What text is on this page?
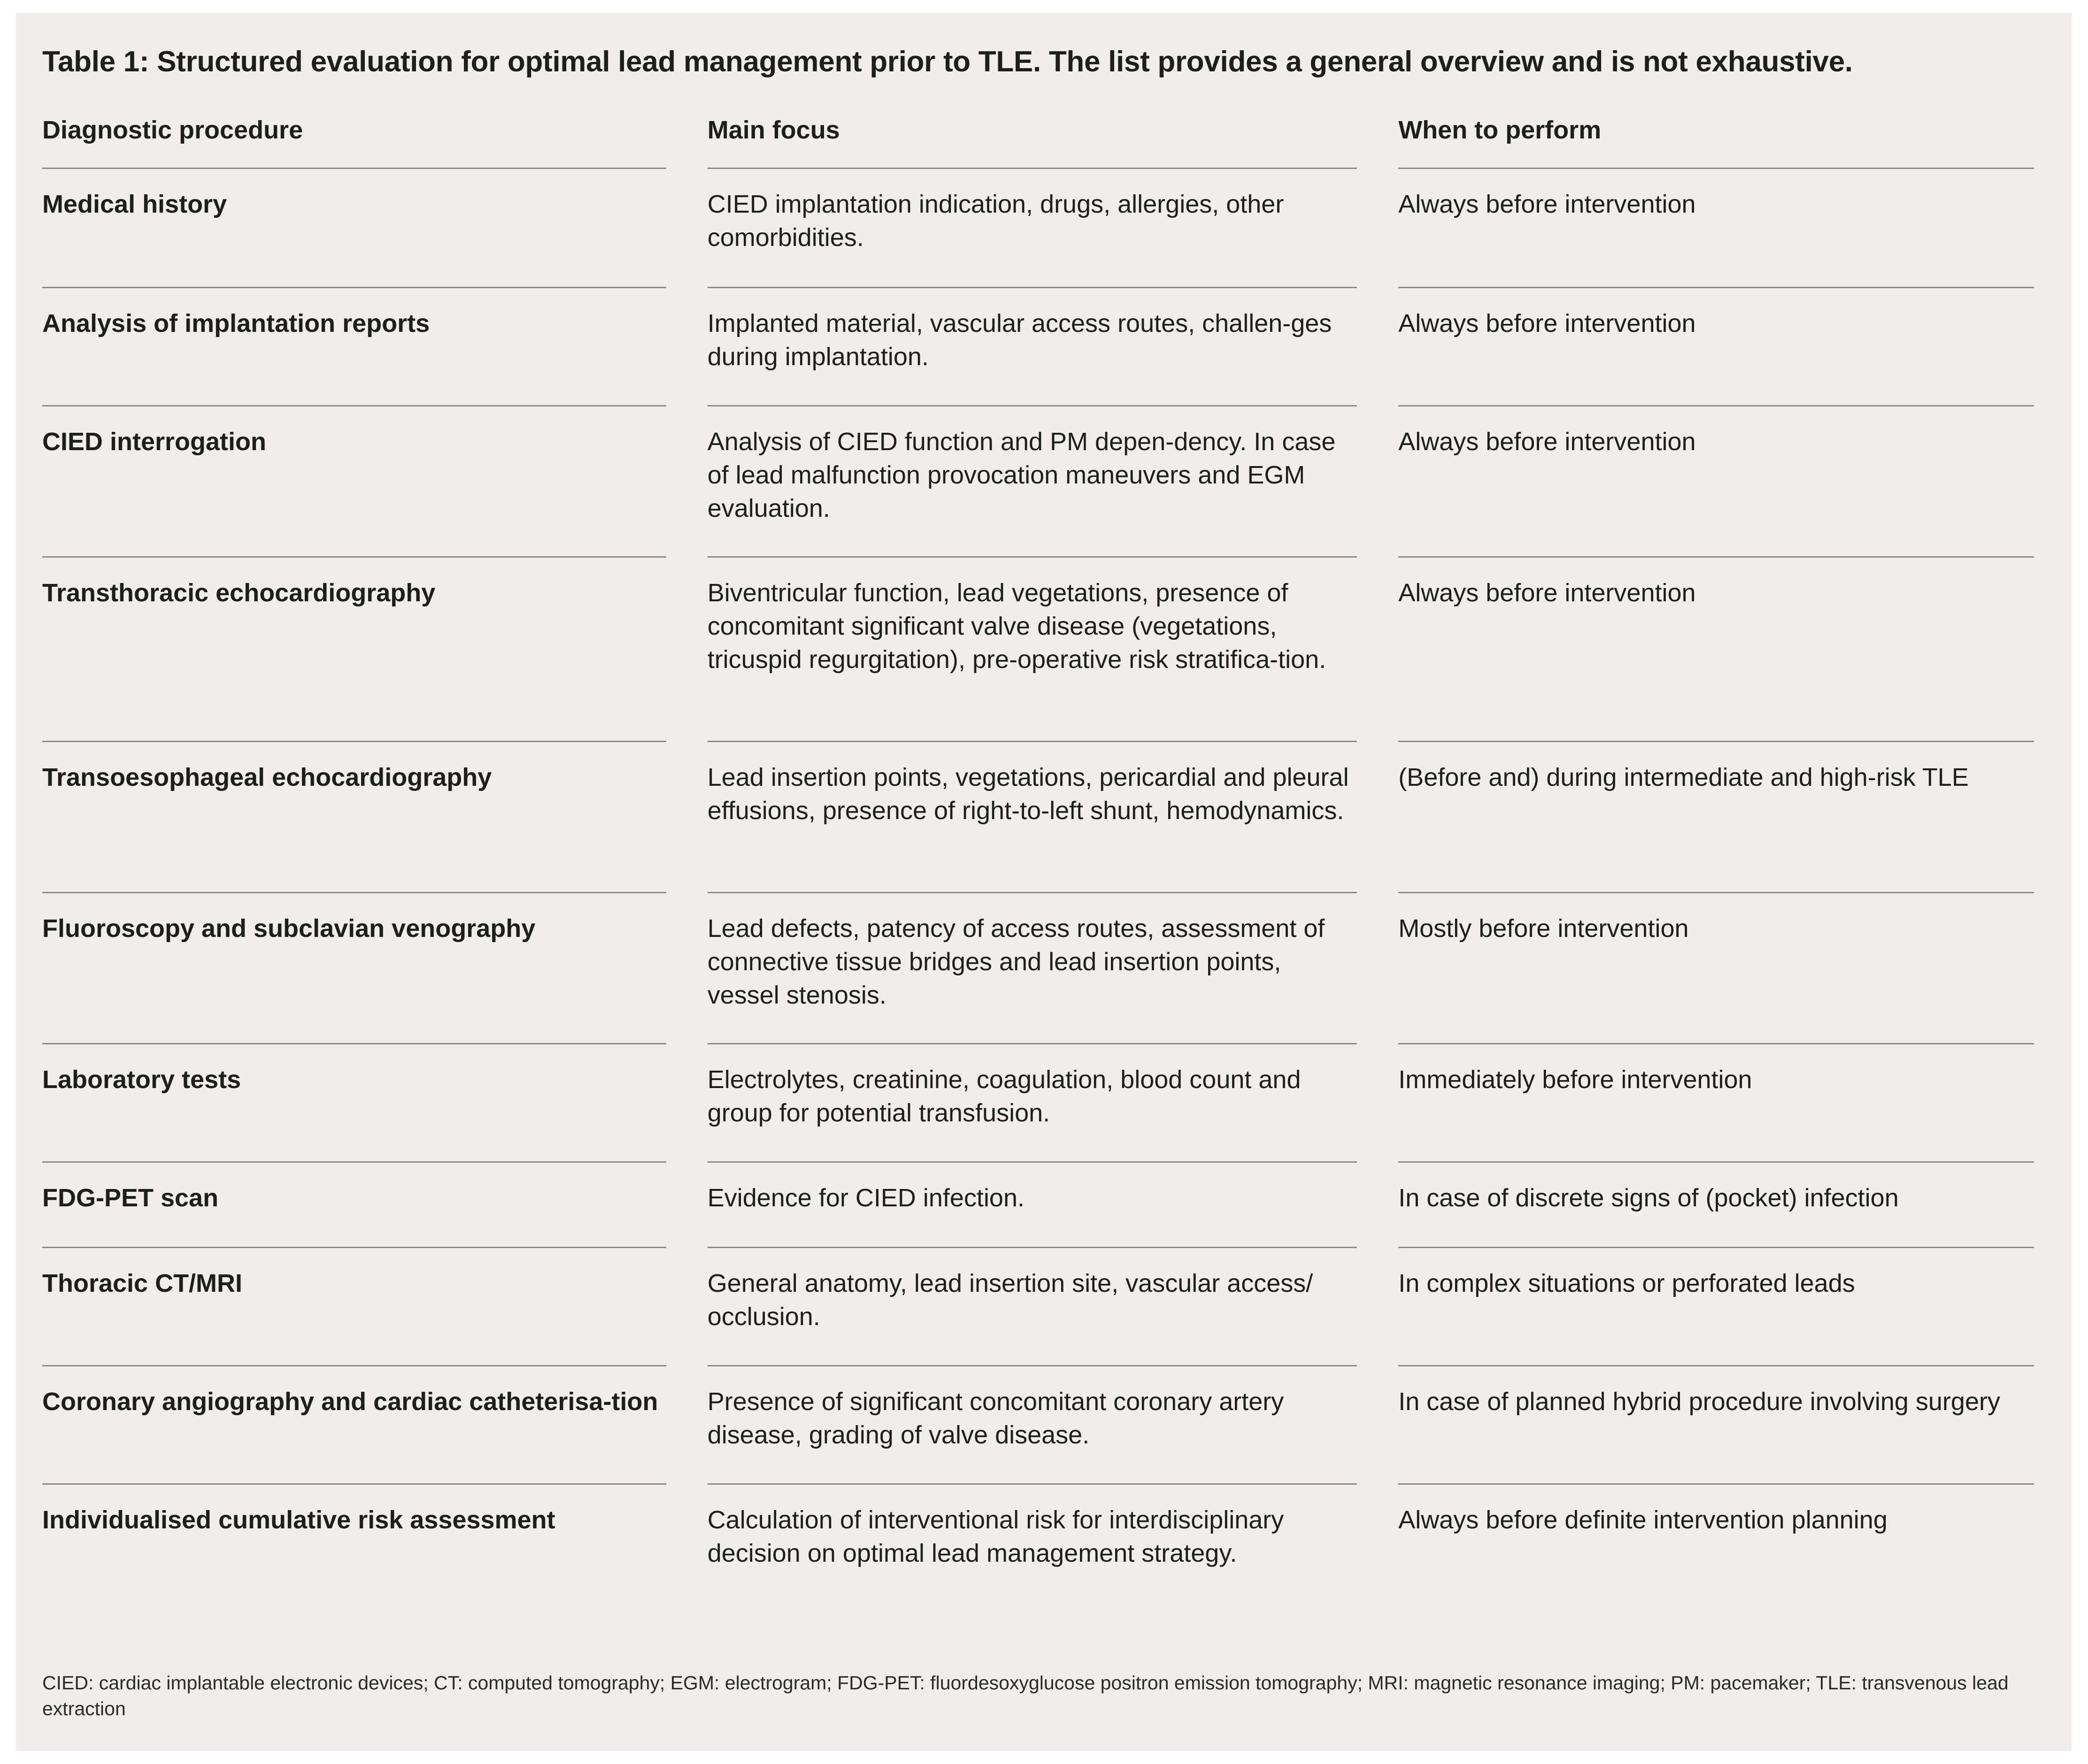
Table 1: Structured evaluation for optimal lead management prior to TLE. The list provides a general overview and is not exhaustive.
Diagnostic procedure	Main focus	When to perform

Medical history	CIED implantation indication, drugs, allergies, other comorbidities.	Always before intervention

Analysis of implantation reports	Implanted material, vascular access routes, challen-ges during implantation.	Always before intervention

CIED interrogation	Analysis of CIED function and PM depen-dency. In case of lead malfunction provocation maneuvers and EGM evaluation.	Always before intervention

Transthoracic echocardiography	Biventricular function, lead vegetations, presence of concomitant significant valve disease (vegetations, tricuspid regurgitation), pre-operative risk stratifica-tion.	Always before intervention

Transoesophageal echocardiography	Lead insertion points, vegetations, pericardial and pleural effusions, presence of right-to-left shunt, hemodynamics.	(Before and) during intermediate and high-risk TLE

Fluoroscopy and subclavian venography	Lead defects, patency of access routes, assessment of connective tissue bridges and lead insertion points, vessel stenosis.	Mostly before intervention

Laboratory tests	Electrolytes, creatinine, coagulation, blood count and group for potential transfusion.	Immediately before intervention

FDG-PET scan	Evidence for CIED infection.	In case of discrete signs of (pocket) infection

Thoracic CT/MRI	General anatomy, lead insertion site, vascular access/ occlusion.	In complex situations or perforated leads

Coronary angiography and cardiac catheterisa-tion	Presence of significant concomitant coronary artery disease, grading of valve disease.	In case of planned hybrid procedure involving surgery

Individualised cumulative risk assessment	Calculation of interventional risk for interdisciplinary decision on optimal lead management strategy.	Always before definite intervention planning
CIED: cardiac implantable electronic devices; CT: computed tomography; EGM: electrogram; FDG-PET: fluordesoxyglucose positron emission tomography; MRI: magnetic resonance imaging; PM: pacemaker; TLE: transvenous lead extraction
